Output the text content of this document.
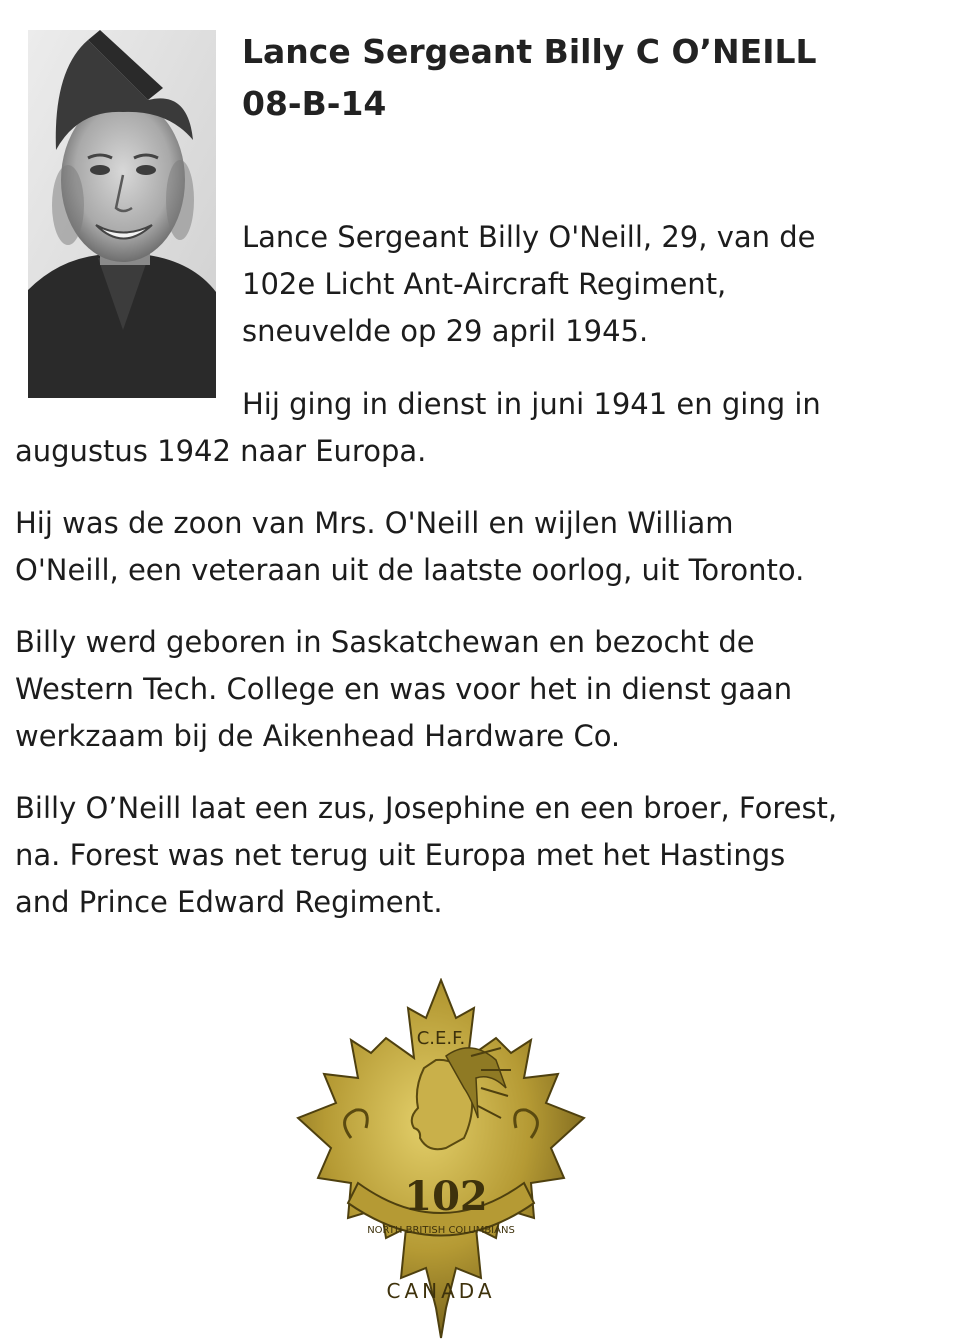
Lance Sergeant Billy C O’NEILL
08-B-14

Lance Sergeant Billy O'Neill, 29, van de
102e Licht Ant-Aircraft Regiment,
sneuvelde op 29 april 1945.

Hij ging in dienst in juni 1941 en ging in
augustus 1942 naar Europa.

Hij was de zoon van Mrs. O'Neill en wijlen William
O'Neill, een veteraan uit de laatste oorlog, uit Toronto.

Billy werd geboren in Saskatchewan en bezocht de
Western Tech. College en was voor het in dienst gaan
werkzaam bij de Aikenhead Hardware Co.

Billy O’Neill laat een zus, Josephine en een broer, Forest,
na. Forest was net terug uit Europa met het Hastings
and Prince Edward Regiment.

C.E.F.
102
NORTH BRITISH COLUMBIANS
CANADA
